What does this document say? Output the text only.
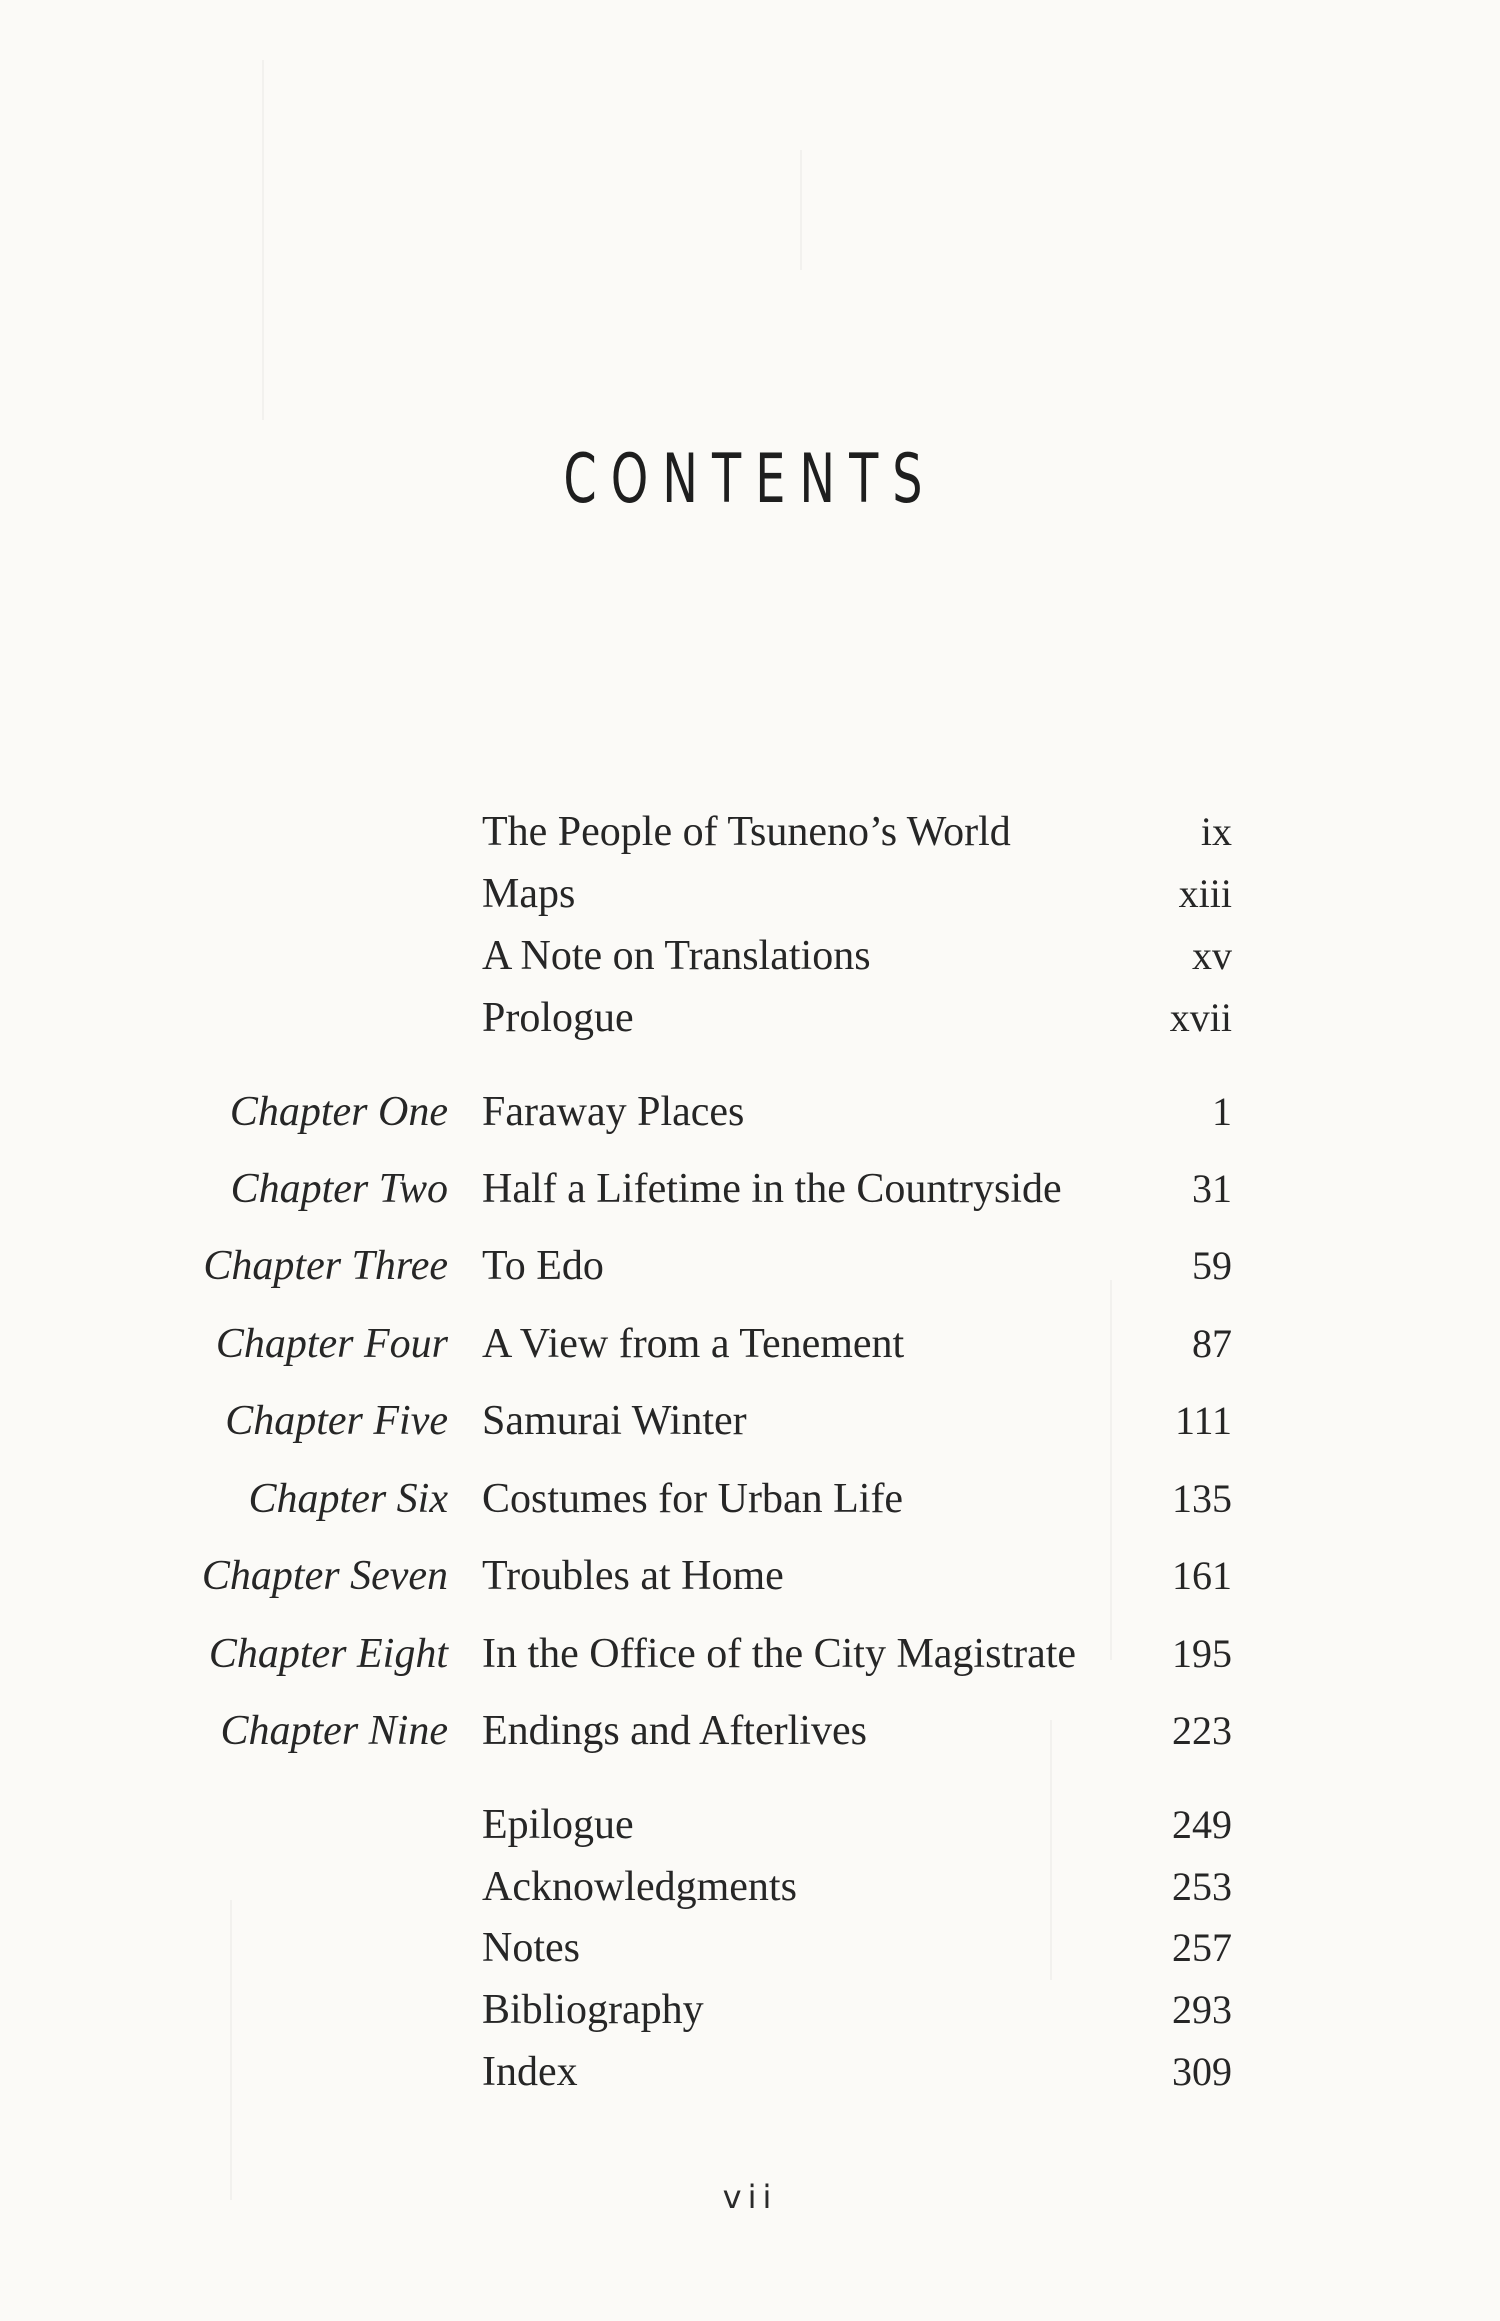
CONTENTS
The People of Tsuneno’s World	ix
Maps	xiii
A Note on Translations	xv
Prologue	xvii
Chapter One Faraway Places	1
Chapter Two Half a Lifetime in the Countryside	31
Chapter Three To Edo	59
Chapter Four A View from a Tenement	87
Chapter Five Samurai Winter	111
Chapter Six Costumes for Urban Life	135
Chapter Seven Troubles at Home	161
Chapter Eight In the Office of the City Magistrate 195
Chapter Nine Endings and Afterlives	223
Epilogue	249
Acknowledgments	253
Notes	257
Bibliography	293
Index	309
vii
